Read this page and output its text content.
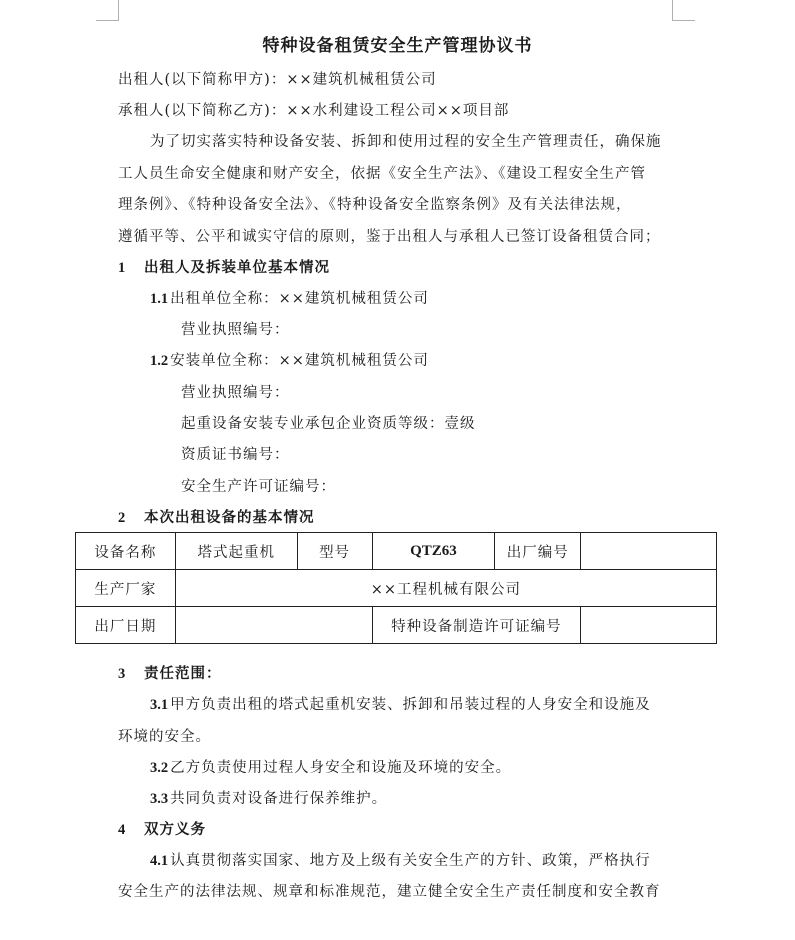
特种设备租赁安全生产管理协议书
出租人(以下简称甲方)：××建筑机械租赁公司
承租人(以下简称乙方)：××水利建设工程公司××项目部
为了切实落实特种设备安装、拆卸和使用过程的安全生产管理责任，确保施
工人员生命安全健康和财产安全，依据《安全生产法》、《建设工程安全生产管
理条例》、《特种设备安全法》、《特种设备安全监察条例》及有关法律法规，
遵循平等、公平和诚实守信的原则，鉴于出租人与承租人已签订设备租赁合同；
1 出租人及拆装单位基本情况
1.1 出租单位全称：××建筑机械租赁公司
营业执照编号：
1.2 安装单位全称：××建筑机械租赁公司
营业执照编号：
起重设备安装专业承包企业资质等级：壹级
资质证书编号：
安全生产许可证编号：
2 本次出租设备的基本情况
设备名称	塔式起重机	型号	QTZ63	出厂编号	
生产厂家	××工程机械有限公司				
出厂日期			特种设备制造许可证编号		
3 责任范围：
3.1 甲方负责出租的塔式起重机安装、拆卸和吊装过程的人身安全和设施及
环境的安全。
3.2 乙方负责使用过程人身安全和设施及环境的安全。
3.3 共同负责对设备进行保养维护。
4 双方义务
4.1 认真贯彻落实国家、地方及上级有关安全生产的方针、政策，严格执行
安全生产的法律法规、规章和标准规范，建立健全安全生产责任制度和安全教育
